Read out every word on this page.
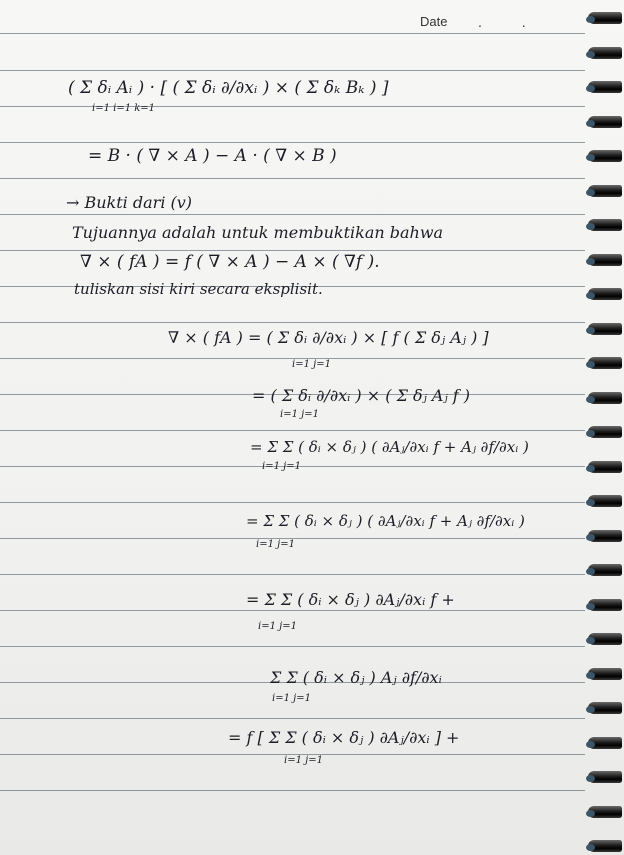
Date . .
( Σ δᵢ Aᵢ ) · [ ( Σ δᵢ ∂/∂xᵢ ) × ( Σ δₖ Bₖ ) ]
i=1 i=1 k=1
= B · ( ∇ × A ) − A · ( ∇ × B )
→ Bukti dari (v)
Tujuannya adalah untuk membuktikan bahwa
∇ × ( fA ) = f ( ∇ × A ) − A × ( ∇f ).
tuliskan sisi kiri secara eksplisit.
∇ × ( fA ) = ( Σ δᵢ ∂/∂xᵢ ) × [ f ( Σ δⱼ Aⱼ ) ]
i=1 j=1
= ( Σ δᵢ ∂/∂xᵢ ) × ( Σ δⱼ Aⱼ f )
i=1 j=1
= Σ Σ ( δᵢ × δⱼ ) ( ∂Aⱼ/∂xᵢ f + Aⱼ ∂f/∂xᵢ )
i=1 j=1
= Σ Σ ( δᵢ × δⱼ ) ( ∂Aⱼ/∂xᵢ f + Aⱼ ∂f/∂xᵢ )
i=1 j=1
= Σ Σ ( δᵢ × δⱼ ) ∂Aⱼ/∂xᵢ f +
i=1 j=1
Σ Σ ( δᵢ × δⱼ ) Aⱼ ∂f/∂xᵢ
i=1 j=1
= f [ Σ Σ ( δᵢ × δⱼ ) ∂Aⱼ/∂xᵢ ] +
i=1 j=1
